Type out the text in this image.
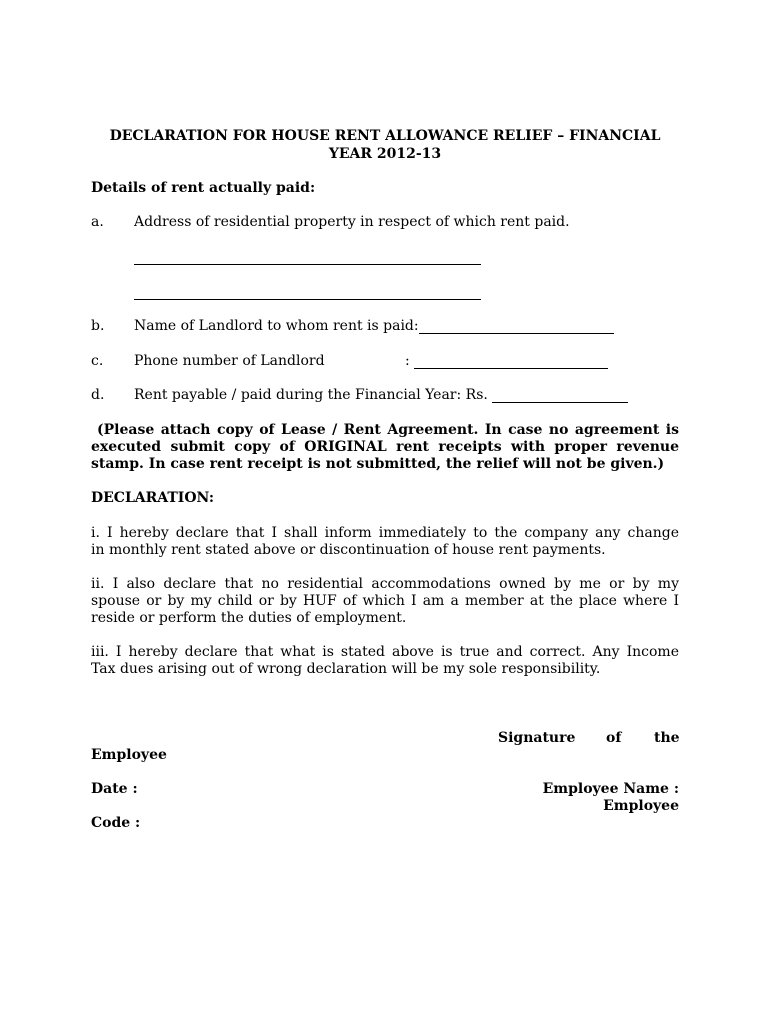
DECLARATION FOR HOUSE RENT ALLOWANCE RELIEF – FINANCIAL YEAR 2012-13
Details of rent actually paid:
a. Address of residential property in respect of which rent paid.
b. Name of Landlord to whom rent is paid:
c. Phone number of Landlord	:
d. Rent payable / paid during the Financial Year: Rs.
(Please attach copy of Lease / Rent Agreement. In case no agreement is
executed submit copy of ORIGINAL rent receipts with proper revenue
stamp. In case rent receipt is not submitted, the relief will not be given.)
DECLARATION:
i. I hereby declare that I shall inform immediately to the company any change
in monthly rent stated above or discontinuation of house rent payments.
ii. I also declare that no residential accommodations owned by me or by my
spouse or by my child or by HUF of which I am a member at the place where I
reside or perform the duties of employment.
iii. I hereby declare that what is stated above is true and correct. Any Income
Tax dues arising out of wrong declaration will be my sole responsibility.
Signature of the
Employee
Date :	Employee Name :
Employee
Code :
